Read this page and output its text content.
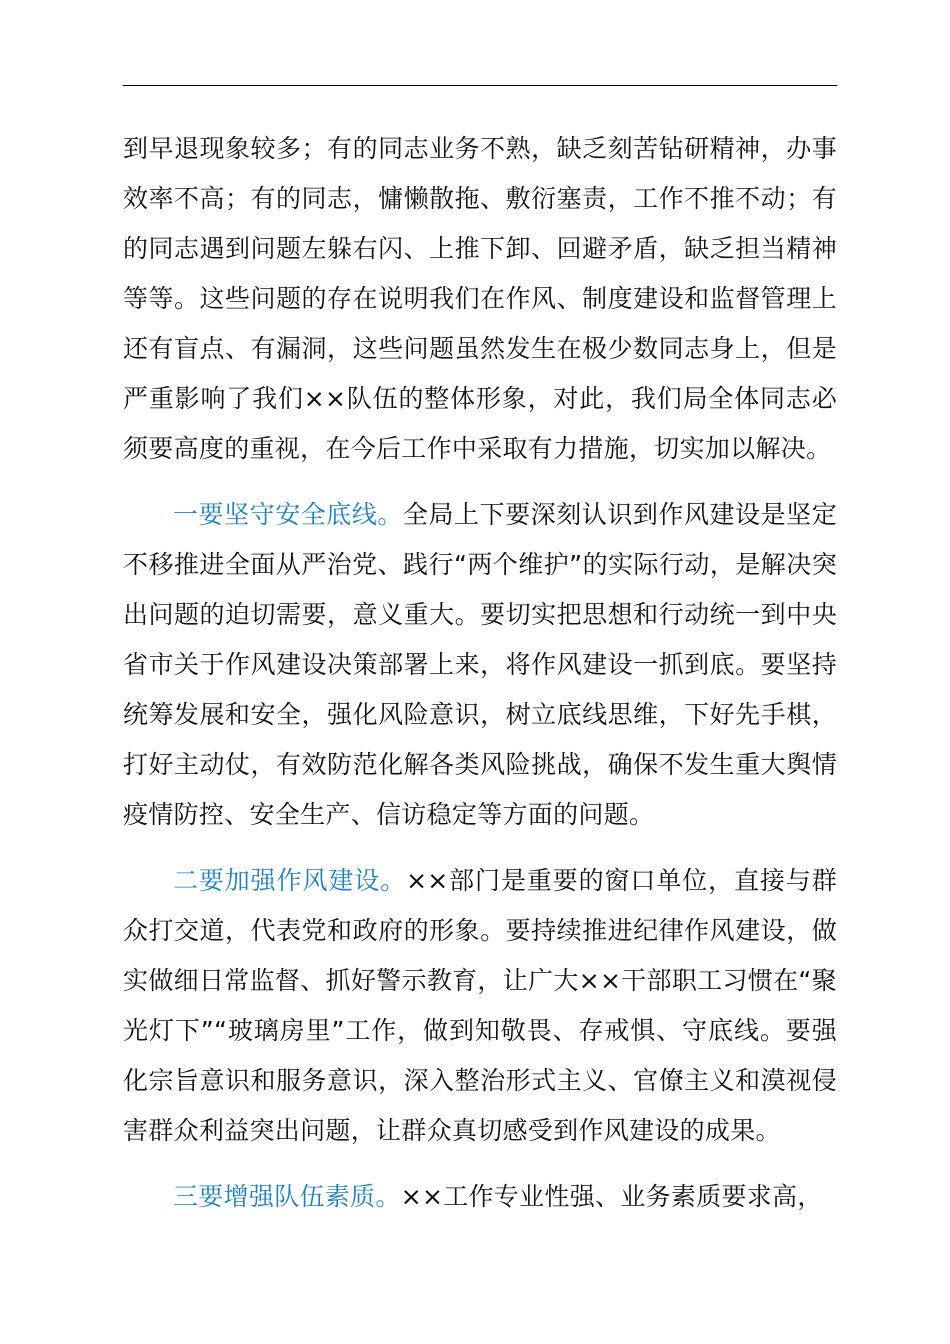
到早退现象较多；有的同志业务不熟，缺乏刻苦钻研精神，办事效率不高；有的同志，慵懒散拖、敷衍塞责，工作不推不动；有的同志遇到问题左躲右闪、上推下卸、回避矛盾，缺乏担当精神等等。这些问题的存在说明我们在作风、制度建设和监督管理上还有盲点、有漏洞，这些问题虽然发生在极少数同志身上，但是严重影响了我们××队伍的整体形象，对此，我们局全体同志必须要高度的重视，在今后工作中采取有力措施，切实加以解决。

一要坚守安全底线。全局上下要深刻认识到作风建设是坚定不移推进全面从严治党、践行“两个维护”的实际行动，是解决突出问题的迫切需要，意义重大。要切实把思想和行动统一到中央省市关于作风建设决策部署上来，将作风建设一抓到底。要坚持统筹发展和安全，强化风险意识，树立底线思维，下好先手棋，打好主动仗，有效防范化解各类风险挑战，确保不发生重大舆情疫情防控、安全生产、信访稳定等方面的问题。

二要加强作风建设。××部门是重要的窗口单位，直接与群众打交道，代表党和政府的形象。要持续推进纪律作风建设，做实做细日常监督、抓好警示教育，让广大××干部职工习惯在“聚光灯下”“玻璃房里”工作，做到知敬畏、存戒惧、守底线。要强化宗旨意识和服务意识，深入整治形式主义、官僚主义和漠视侵害群众利益突出问题，让群众真切感受到作风建设的成果。

三要增强队伍素质。××工作专业性强、业务素质要求高，
